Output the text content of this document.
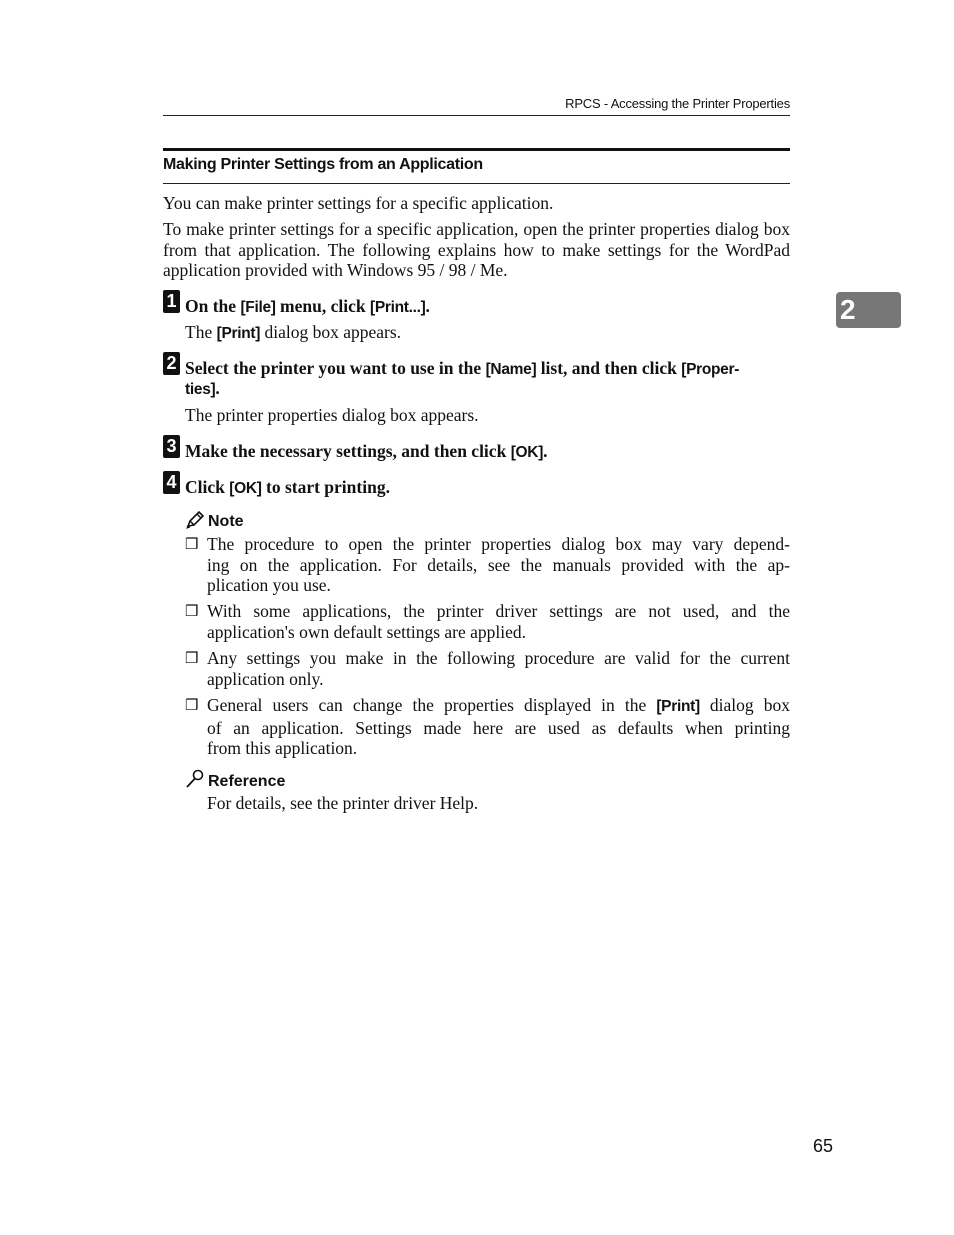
RPCS - Accessing the Printer Properties
Making Printer Settings from an Application
You can make printer settings for a specific application.
To make printer settings for a specific application, open the printer properties dialog box from that application. The following explains how to make settings for the WordPad application provided with Windows 95 / 98 / Me.
2
1 On the [File] menu, click [Print...].
The [Print] dialog box appears.
2 Select the printer you want to use in the [Name] list, and then click [Proper-
ties].
The printer properties dialog box appears.
3 Make the necessary settings, and then click [OK].
4 Click [OK] to start printing.
Note
❒ The procedure to open the printer properties dialog box may vary depend-
ing on the application. For details, see the manuals provided with the ap-
plication you use.
❒ With some applications, the printer driver settings are not used, and the
application's own default settings are applied.
❒ Any settings you make in the following procedure are valid for the current
application only.
❒ General users can change the properties displayed in the [Print] dialog box
of an application. Settings made here are used as defaults when printing
from this application.
Reference
For details, see the printer driver Help.
65
